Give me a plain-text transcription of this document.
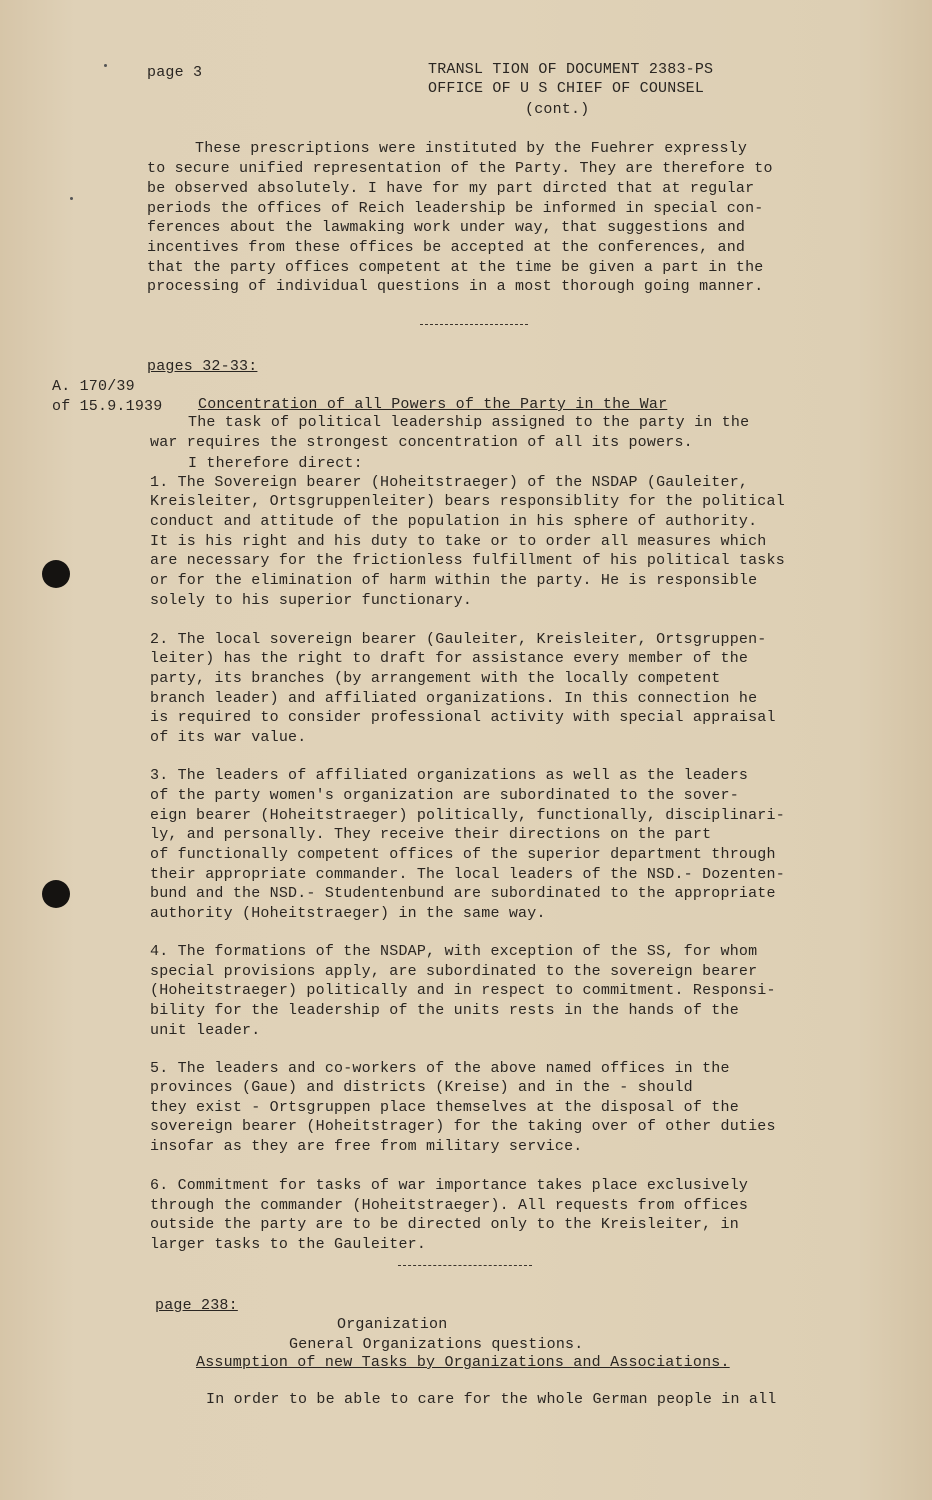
page 3	TRANSL TION OF DOCUMENT 2383-PS
OFFICE OF U S CHIEF OF COUNSEL
(cont.)
These prescriptions were instituted by the Fuehrer expressly
to secure unified representation of the Party. They are therefore to
be observed absolutely. I have for my part dircted that at regular
periods the offices of Reich leadership be informed in special con-
ferences about the lawmaking work under way, that suggestions and
incentives from these offices be accepted at the conferences, and
that the party offices competent at the time be given a part in the
processing of individual questions in a most thorough going manner.
pages 32-33:
A. 170/39
of 15.9.1939 Concentration of all Powers of the Party in the War
The task of political leadership assigned to the party in the
war requires the strongest concentration of all its powers.
I therefore direct:
1. The Sovereign bearer (Hoheitstraeger) of the NSDAP (Gauleiter,
Kreisleiter, Ortsgruppenleiter) bears responsiblity for the political
conduct and attitude of the population in his sphere of authority.
It is his right and his duty to take or to order all measures which
are necessary for the frictionless fulfillment of his political tasks
or for the elimination of harm within the party. He is responsible
solely to his superior functionary.
2. The local sovereign bearer (Gauleiter, Kreisleiter, Ortsgruppen-
leiter) has the right to draft for assistance every member of the
party, its branches (by arrangement with the locally competent
branch leader) and affiliated organizations. In this connection he
is required to consider professional activity with special appraisal
of its war value.
3. The leaders of affiliated organizations as well as the leaders
of the party women's organization are subordinated to the sover-
eign bearer (Hoheitstraeger) politically, functionally, disciplinari-
ly, and personally. They receive their directions on the part
of functionally competent offices of the superior department through
their appropriate commander. The local leaders of the NSD.- Dozenten-
bund and the NSD.- Studentenbund are subordinated to the appropriate
authority (Hoheitstraeger) in the same way.
4. The formations of the NSDAP, with exception of the SS, for whom
special provisions apply, are subordinated to the sovereign bearer
(Hoheitstraeger) politically and in respect to commitment. Responsi-
bility for the leadership of the units rests in the hands of the
unit leader.
5. The leaders and co-workers of the above named offices in the
provinces (Gaue) and districts (Kreise) and in the - should
they exist - Ortsgruppen place themselves at the disposal of the
sovereign bearer (Hoheitstrager) for the taking over of other duties
insofar as they are free from military service.
6. Commitment for tasks of war importance takes place exclusively
through the commander (Hoheitstraeger). All requests from offices
outside the party are to be directed only to the Kreisleiter, in
larger tasks to the Gauleiter.
page 238:
Organization
General Organizations questions.
Assumption of new Tasks by Organizations and Associations.
In order to be able to care for the whole German people in all
